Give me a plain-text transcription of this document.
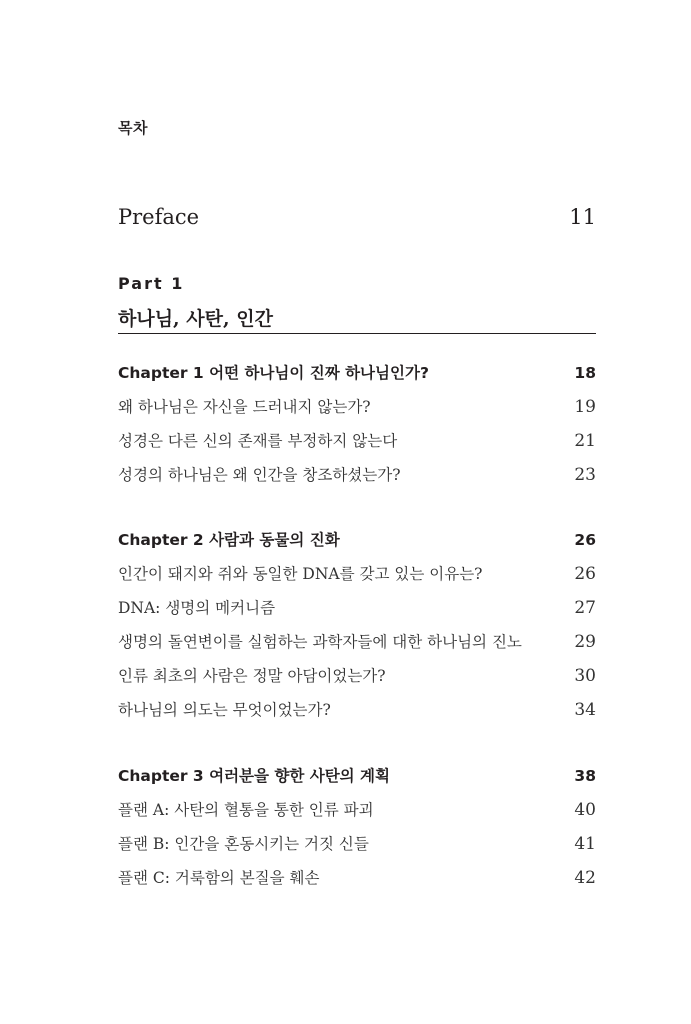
목차
Preface	11
Part 1
하나님, 사탄, 인간
Chapter 1 어떤 하나님이 진짜 하나님인가?	18
왜 하나님은 자신을 드러내지 않는가?	19
성경은 다른 신의 존재를 부정하지 않는다	21
성경의 하나님은 왜 인간을 창조하셨는가?	23
Chapter 2 사람과 동물의 진화	26
인간이 돼지와 쥐와 동일한 DNA를 갖고 있는 이유는?	26
DNA: 생명의 메커니즘	27
생명의 돌연변이를 실험하는 과학자들에 대한 하나님의 진노	29
인류 최초의 사람은 정말 아담이었는가?	30
하나님의 의도는 무엇이었는가?	34
Chapter 3 여러분을 향한 사탄의 계획	38
플랜 A: 사탄의 혈통을 통한 인류 파괴	40
플랜 B: 인간을 혼동시키는 거짓 신들	41
플랜 C: 거룩함의 본질을 훼손	42
